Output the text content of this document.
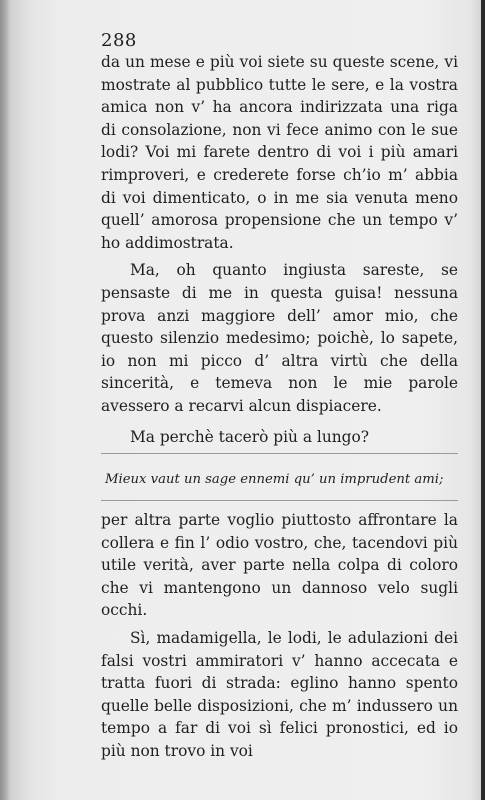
288

da un mese e più voi siete su queste scene, vi mostrate al pubblico tutte le sere, e la vostra amica non v’ ha ancora indirizzata una riga di consolazione, non vi fece animo con le sue lodi? Voi mi farete dentro di voi i più amari rimproveri, e crederete forse ch’io m’ abbia di voi dimenticato, o in me sia venuta meno quell’ amorosa propensione che un tempo v’ ho addimostrata.

Ma, oh quanto ingiusta sareste, se pensaste di me in questa guisa! nessuna prova anzi maggiore dell’ amor mio, che questo silenzio medesimo; poichè, lo sapete, io non mi picco d’ altra virtù che della sincerità, e temeva non le mie parole avessero a recarvi alcun dispiacere.

Ma perchè tacerò più a lungo?

Mieux vaut un sage ennemi qu’ un imprudent ami;

per altra parte voglio piuttosto affrontare la collera e fin l’ odio vostro, che, tacendovi più utile verità, aver parte nella colpa di coloro che vi mantengono un dannoso velo sugli occhi.

Sì, madamigella, le lodi, le adulazioni dei falsi vostri ammiratori v’ hanno accecata e tratta fuori di strada: eglino hanno spento quelle belle disposizioni, che m’ indussero un tempo a far di voi sì felici pronostici, ed io più non trovo in voi
